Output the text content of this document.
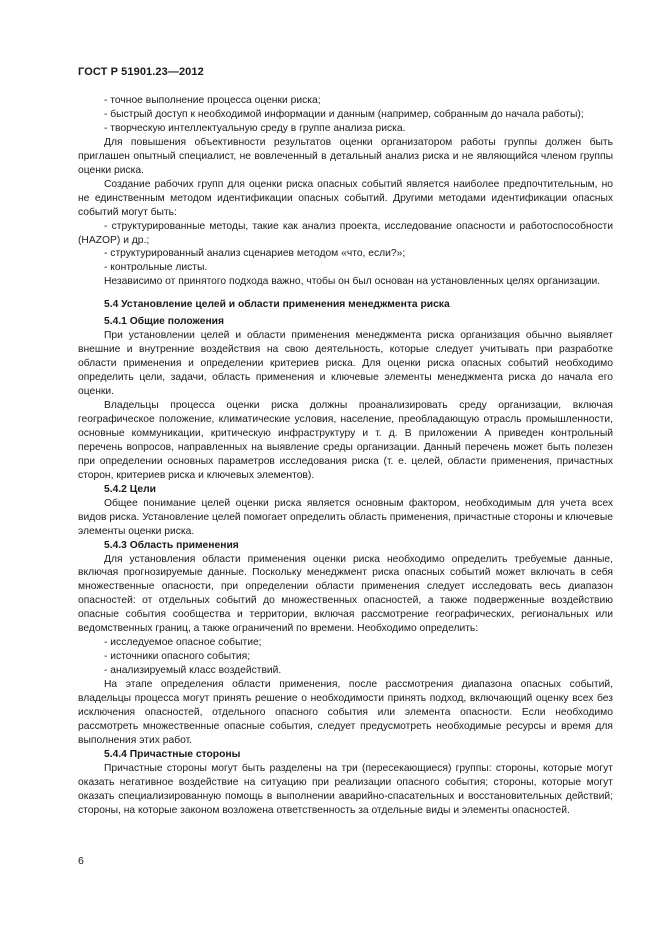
ГОСТ Р 51901.23—2012

- точное выполнение процесса оценки риска;

- быстрый доступ к необходимой информации и данным (например, собранным до начала работы);

- творческую интеллектуальную среду в группе анализа риска.

Для повышения объективности результатов оценки организатором работы группы должен быть приглашен опытный специалист, не вовлеченный в детальный анализ риска и не являющийся членом группы оценки риска.

Создание рабочих групп для оценки риска опасных событий является наиболее предпочтительным, но не единственным методом идентификации опасных событий. Другими методами идентификации опасных событий могут быть:

- структурированные методы, такие как анализ проекта, исследование опасности и работоспособности (HAZOP) и др.;

- структурированный анализ сценариев методом «что, если?»;

- контрольные листы.

Независимо от принятого подхода важно, чтобы он был основан на установленных целях организации.

5.4 Установление целей и области применения менеджмента риска

5.4.1 Общие положения

При установлении целей и области применения менеджмента риска организация обычно выявляет внешние и внутренние воздействия на свою деятельность, которые следует учитывать при разработке области применения и определении критериев риска. Для оценки риска опасных событий необходимо определить цели, задачи, область применения и ключевые элементы менеджмента риска до начала его оценки.

Владельцы процесса оценки риска должны проанализировать среду организации, включая географическое положение, климатические условия, население, преобладающую отрасль промышленности, основные коммуникации, критическую инфраструктуру и т. д. В приложении А приведен контрольный перечень вопросов, направленных на выявление среды организации. Данный перечень может быть полезен при определении основных параметров исследования риска (т. е. целей, области применения, причастных сторон, критериев риска и ключевых элементов).

5.4.2 Цели

Общее понимание целей оценки риска является основным фактором, необходимым для учета всех видов риска. Установление целей помогает определить область применения, причастные стороны и ключевые элементы оценки риска.

5.4.3 Область применения

Для установления области применения оценки риска необходимо определить требуемые данные, включая прогнозируемые данные. Поскольку менеджмент риска опасных событий может включать в себя множественные опасности, при определении области применения следует исследовать весь диапазон опасностей: от отдельных событий до множественных опасностей, а также подверженные воздействию опасные события сообщества и территории, включая рассмотрение географических, региональных или ведомственных границ, а также ограничений по времени. Необходимо определить:

- исследуемое опасное событие;

- источники опасного события;

- анализируемый класс воздействий.

На этапе определения области применения, после рассмотрения диапазона опасных событий, владельцы процесса могут принять решение о необходимости принять подход, включающий оценку всех без исключения опасностей, отдельного опасного события или элемента опасности. Если необходимо рассмотреть множественные опасные события, следует предусмотреть необходимые ресурсы и время для выполнения этих работ.

5.4.4 Причастные стороны

Причастные стороны могут быть разделены на три (пересекающиеся) группы: стороны, которые могут оказать негативное воздействие на ситуацию при реализации опасного события; стороны, которые могут оказать специализированную помощь в выполнении аварийно-спасательных и восстановительных действий; стороны, на которые законом возложена ответственность за отдельные виды и элементы опасностей.

6
